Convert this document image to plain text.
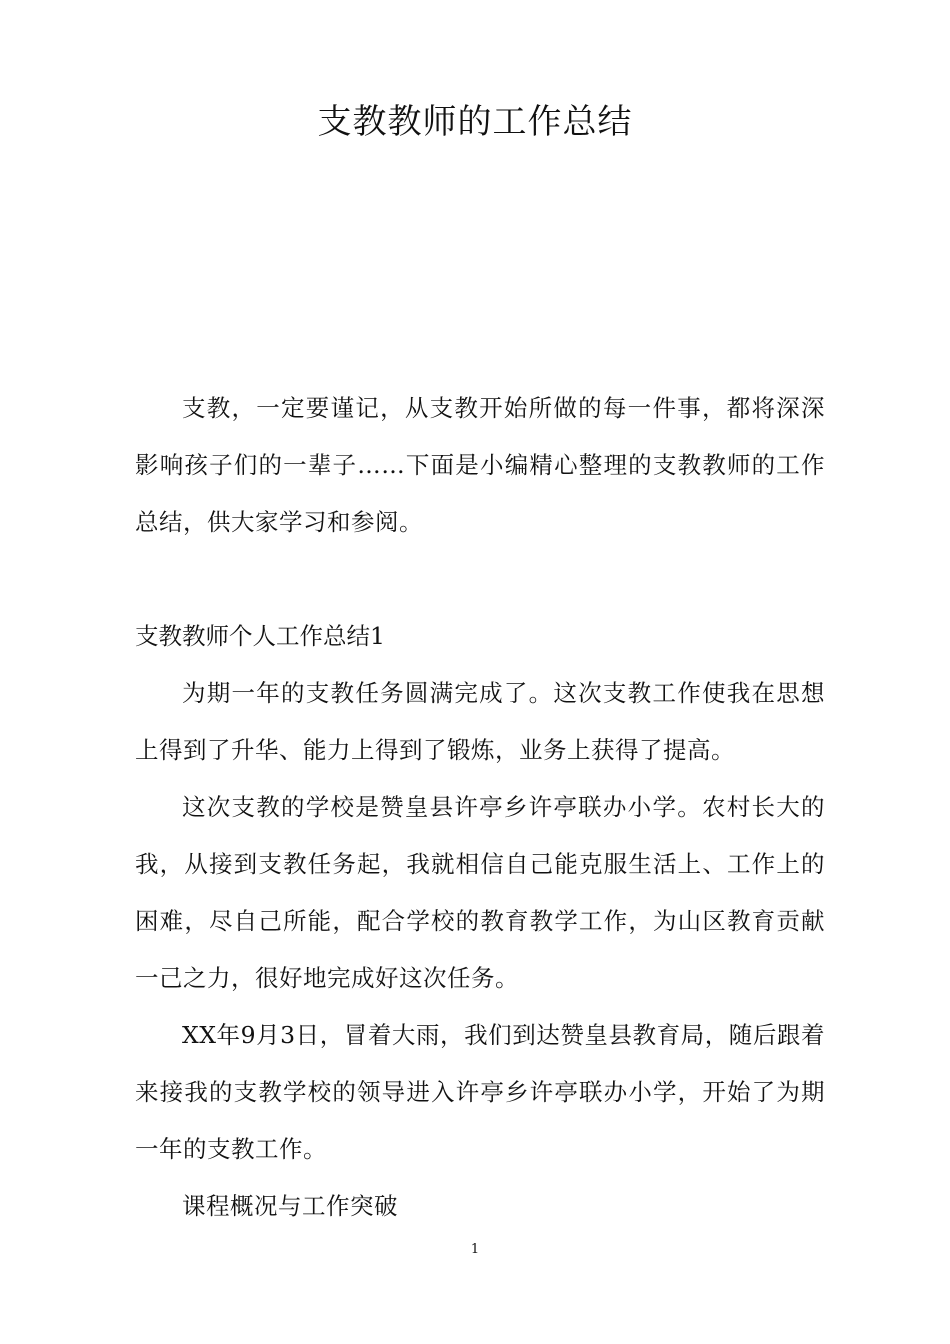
支教教师的工作总结

支教，一定要谨记，从支教开始所做的每一件事，都将深深影响孩子们的一辈子……下面是小编精心整理的支教教师的工作总结，供大家学习和参阅。

支教教师个人工作总结1

为期一年的支教任务圆满完成了。这次支教工作使我在思想上得到了升华、能力上得到了锻炼，业务上获得了提高。

这次支教的学校是赞皇县许亭乡许亭联办小学。农村长大的我，从接到支教任务起，我就相信自己能克服生活上、工作上的困难，尽自己所能，配合学校的教育教学工作，为山区教育贡献一己之力，很好地完成好这次任务。

XX年9月3日，冒着大雨，我们到达赞皇县教育局，随后跟着来接我的支教学校的领导进入许亭乡许亭联办小学，开始了为期一年的支教工作。

课程概况与工作突破

1
